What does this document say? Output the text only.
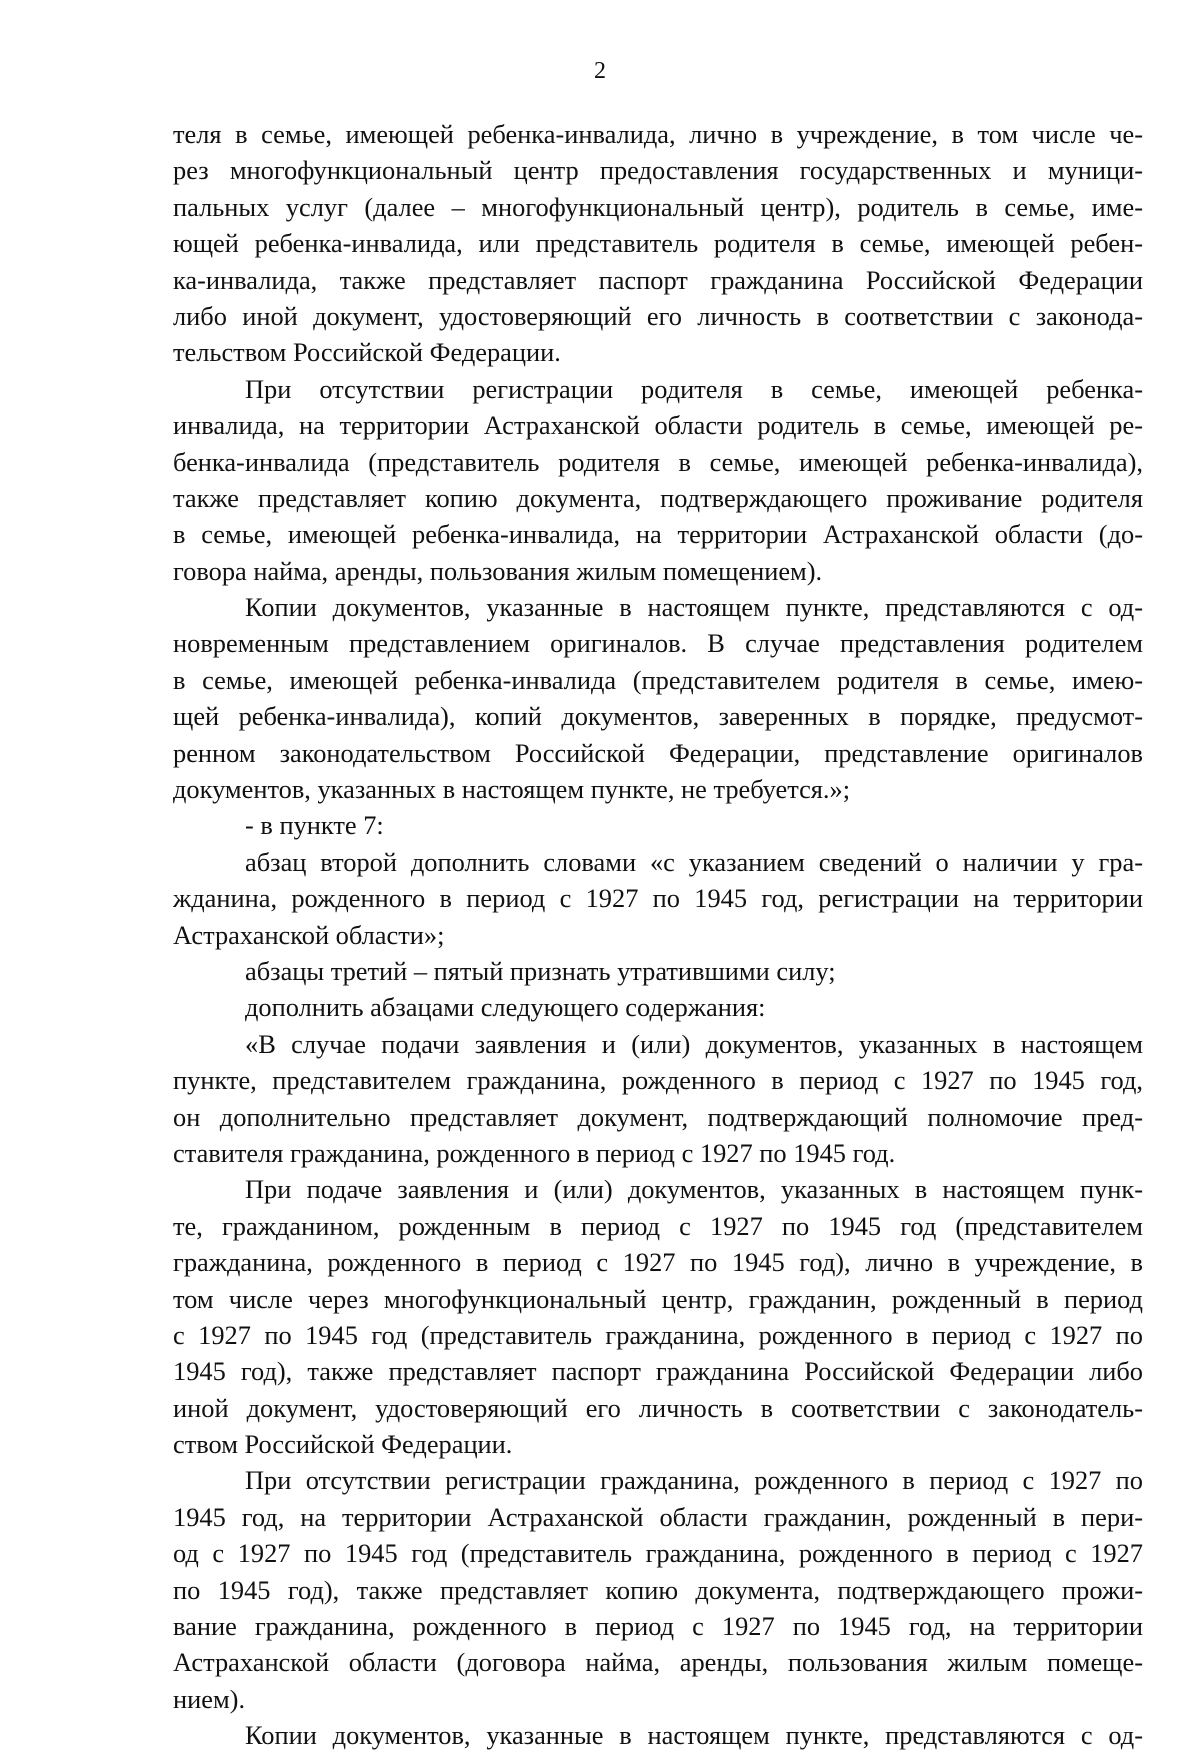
2
теля в семье, имеющей ребенка-инвалида, лично в учреждение, в том числе че-
рез многофункциональный центр предоставления государственных и муници-
пальных услуг (далее – многофункциональный центр), родитель в семье, име-
ющей ребенка-инвалида, или представитель родителя в семье, имеющей ребен-
ка-инвалида, также представляет паспорт гражданина Российской Федерации
либо иной документ, удостоверяющий его личность в соответствии с законода-
тельством Российской Федерации.
При отсутствии регистрации родителя в семье, имеющей ребенка-
инвалида, на территории Астраханской области родитель в семье, имеющей ре-
бенка-инвалида (представитель родителя в семье, имеющей ребенка-инвалида),
также представляет копию документа, подтверждающего проживание родителя
в семье, имеющей ребенка-инвалида, на территории Астраханской области (до-
говора найма, аренды, пользования жилым помещением).
Копии документов, указанные в настоящем пункте, представляются с од-
новременным представлением оригиналов. В случае представления родителем
в семье, имеющей ребенка-инвалида (представителем родителя в семье, имею-
щей ребенка-инвалида), копий документов, заверенных в порядке, предусмот-
ренном законодательством Российской Федерации, представление оригиналов
документов, указанных в настоящем пункте, не требуется.»;
- в пункте 7:
абзац второй дополнить словами «с указанием сведений о наличии у гра-
жданина, рожденного в период с 1927 по 1945 год, регистрации на территории
Астраханской области»;
абзацы третий – пятый признать утратившими силу;
дополнить абзацами следующего содержания:
«В случае подачи заявления и (или) документов, указанных в настоящем
пункте, представителем гражданина, рожденного в период с 1927 по 1945 год,
он дополнительно представляет документ, подтверждающий полномочие пред-
ставителя гражданина, рожденного в период с 1927 по 1945 год.
При подаче заявления и (или) документов, указанных в настоящем пунк-
те, гражданином, рожденным в период с 1927 по 1945 год (представителем
гражданина, рожденного в период с 1927 по 1945 год), лично в учреждение, в
том числе через многофункциональный центр, гражданин, рожденный в период
с 1927 по 1945 год (представитель гражданина, рожденного в период с 1927 по
1945 год), также представляет паспорт гражданина Российской Федерации либо
иной документ, удостоверяющий его личность в соответствии с законодатель-
ством Российской Федерации.
При отсутствии регистрации гражданина, рожденного в период с 1927 по
1945 год, на территории Астраханской области гражданин, рожденный в пери-
од с 1927 по 1945 год (представитель гражданина, рожденного в период с 1927
по 1945 год), также представляет копию документа, подтверждающего прожи-
вание гражданина, рожденного в период с 1927 по 1945 год, на территории
Астраханской области (договора найма, аренды, пользования жилым помеще-
нием).
Копии документов, указанные в настоящем пункте, представляются с од-
